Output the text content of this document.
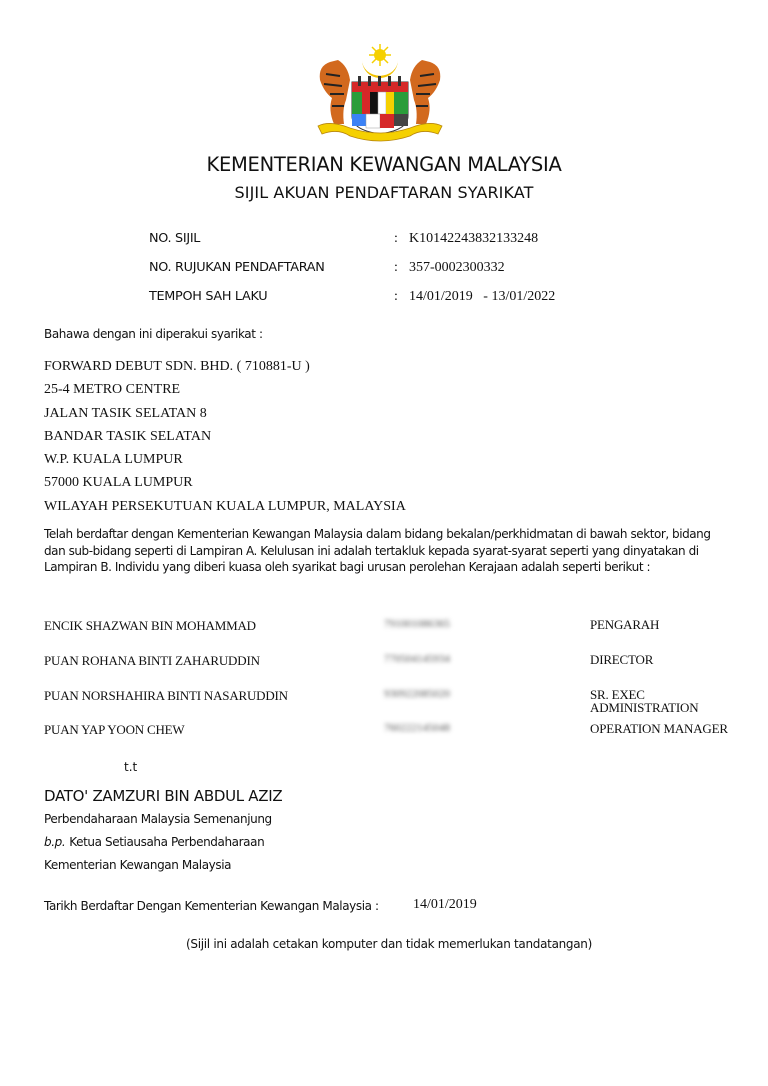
KEMENTERIAN KEWANGAN MALAYSIA
SIJIL AKUAN PENDAFTARAN SYARIKAT
NO. SIJIL	: K10142243832133248
NO. RUJUKAN PENDAFTARAN	: 357-0002300332
TEMPOH SAH LAKU	: 14/01/2019   - 13/01/2022
Bahawa dengan ini diperakui syarikat :
FORWARD DEBUT SDN. BHD. ( 710881-U )
25-4 METRO CENTRE
JALAN TASIK SELATAN 8
BANDAR TASIK SELATAN
W.P. KUALA LUMPUR
57000 KUALA LUMPUR
WILAYAH PERSEKUTUAN KUALA LUMPUR, MALAYSIA
Telah berdaftar dengan Kementerian Kewangan Malaysia dalam bidang bekalan/perkhidmatan di bawah sektor, bidang
dan sub-bidang seperti di Lampiran A. Kelulusan ini adalah tertakluk kepada syarat-syarat seperti yang dinyatakan di
Lampiran B. Individu yang diberi kuasa oleh syarikat bagi urusan perolehan Kerajaan adalah seperti berikut :
ENCIK SHAZWAN BIN MOHAMMAD	791001086365	PENGARAH
PUAN ROHANA BINTI ZAHARUDDIN	770504145934	DIRECTOR
PUAN NORSHAHIRA BINTI NASARUDDIN	930922085020	SR. EXEC
ADMINISTRATION
PUAN YAP YOON CHEW	760222145048	OPERATION MANAGER
t.t
DATO' ZAMZURI BIN ABDUL AZIZ
Perbendaharaan Malaysia Semenanjung
b.p. Ketua Setiausaha Perbendaharaan
Kementerian Kewangan Malaysia
Tarikh Berdaftar Dengan Kementerian Kewangan Malaysia : 14/01/2019
(Sijil ini adalah cetakan komputer dan tidak memerlukan tandatangan)
